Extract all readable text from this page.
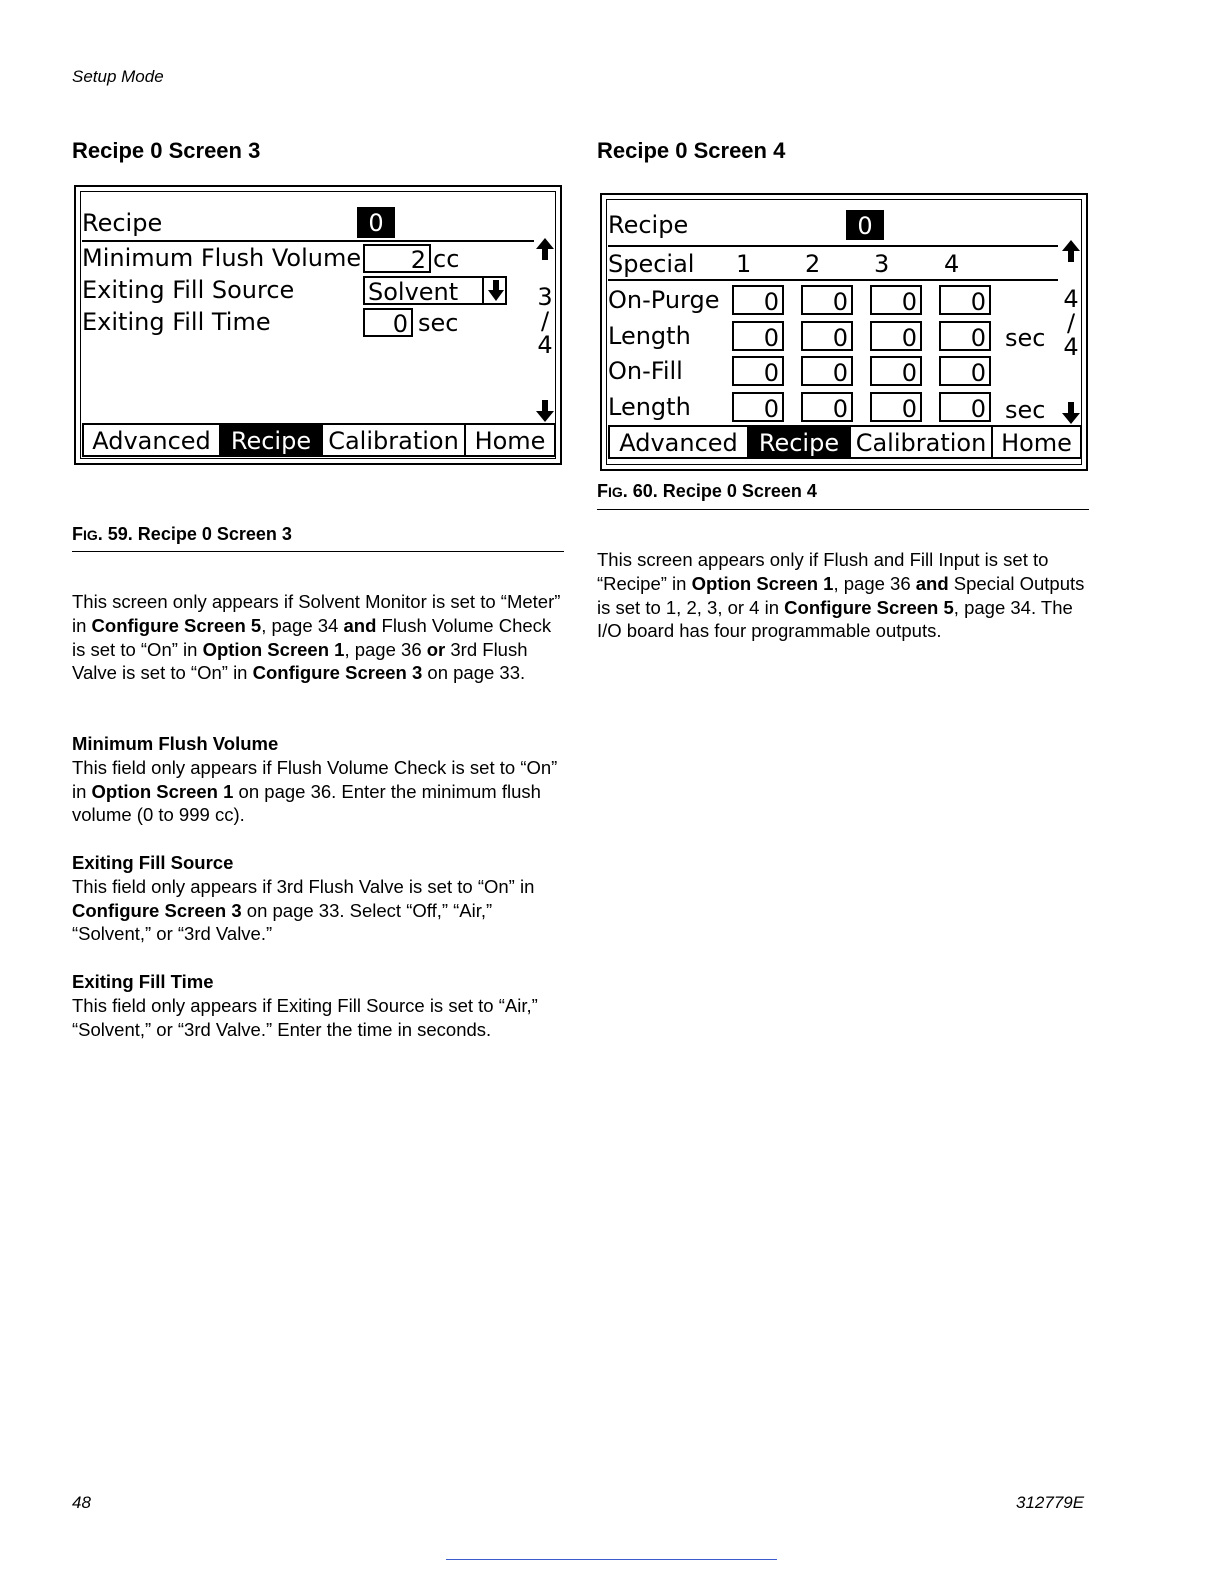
Setup Mode
Recipe 0 Screen 3
Recipe	0
Minimum Flush Volume	2 cc
Exiting Fill Source	Solvent
Exiting Fill Time	0 sec
3
/
4
Advanced Recipe Calibration Home
FIG. 59. Recipe 0 Screen 3
This screen only appears if Solvent Monitor is set to “Meter” in Configure Screen 5, page 34 and Flush Volume Check is set to “On” in Option Screen 1, page 36 or 3rd Flush Valve is set to “On” in Configure Screen 3 on page 33.
Minimum Flush Volume
This field only appears if Flush Volume Check is set to “On” in Option Screen 1 on page 36. Enter the minimum flush volume (0 to 999 cc).
Exiting Fill Source
This field only appears if 3rd Flush Valve is set to “On” in Configure Screen 3 on page 33. Select “Off,” “Air,” “Solvent,” or “3rd Valve.”
Exiting Fill Time
This field only appears if Exiting Fill Source is set to “Air,” “Solvent,” or “3rd Valve.” Enter the time in seconds.
Recipe 0 Screen 4
Recipe	0
Special 1 2 3 4
On-Purge	0	0	0	0
Length	0	0	0	0 sec
On-Fill	0	0	0	0
Length	0	0	0	0 sec
4
/
4
Advanced Recipe Calibration Home
FIG. 60. Recipe 0 Screen 4
This screen appears only if Flush and Fill Input is set to “Recipe” in Option Screen 1, page 36 and Special Outputs is set to 1, 2, 3, or 4 in Configure Screen 5, page 34. The I/O board has four programmable outputs.
48	312779E
